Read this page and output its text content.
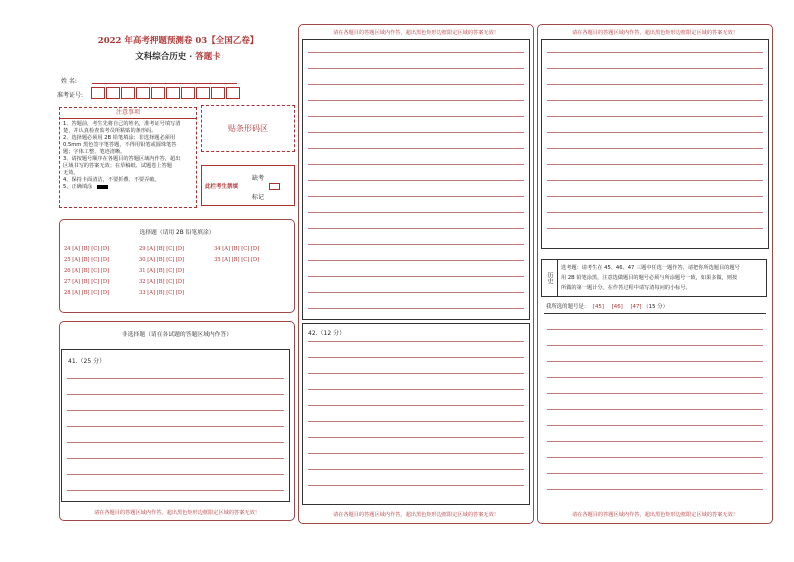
2022 年高考押题预测卷 03【全国乙卷】
文科综合历史 · 答题卡
姓 名:
准考证号:
注意事项
1、答题前，考生先将自己的姓名，准考证号填写清
楚，并认真检查监考员所粘贴的条形码。
2、选择题必须用 2B 铅笔填涂；非选择题必须用
0.5mm 黑色签字笔答题，不得用铅笔或圆珠笔答
题；字体工整、笔迹清晰。
3、请按题号顺序在各题目的答题区域内作答，超出
区域书写的答案无效；在草稿纸、试题卷上答题
无效。
4、保持卡面清洁，不要折叠、不要弄破。
5、正确填涂
贴条形码区
缺考
此栏考生禁填
标记
选择题（请用 2B 铅笔填涂）
24 [A] [B] [C] [D]
25 [A] [B] [C] [D]
26 [A] [B] [C] [D]
27 [A] [B] [C] [D]
28 [A] [B] [C] [D]
29 [A] [B] [C] [D]
30 [A] [B] [C] [D]
31 [A] [B] [C] [D]
32 [A] [B] [C] [D]
33 [A] [B] [C] [D]
34 [A] [B] [C] [D]
35 [A] [B] [C] [D]
非选择题（请在各试题的答题区域内作答）
41.（25 分）
请在各题目的答题区域内作答，超出黑色矩形边框限定区域的答案无效！
请在各题目的答题区域内作答，超出黑色矩形边框限定区域的答案无效！
42.（12 分）
请在各题目的答题区域内作答，超出黑色矩形边框限定区域的答案无效！
请在各题目的答题区域内作答，超出黑色矩形边框限定区域的答案无效！
历史
选考题：请考生在 45、46、47 三题中任选一题作答，请把你所选题目的题号
用 2B 铅笔涂黑，注意选做题目的题号必须与所涂题号一致，如果多做，则按
所做的第一题计分。在作答过程中请写清每问的小标号。
我所选的题号是： [45] [46] [47] （15 分）
请在各题目的答题区域内作答，超出黑色矩形边框限定区域的答案无效！
